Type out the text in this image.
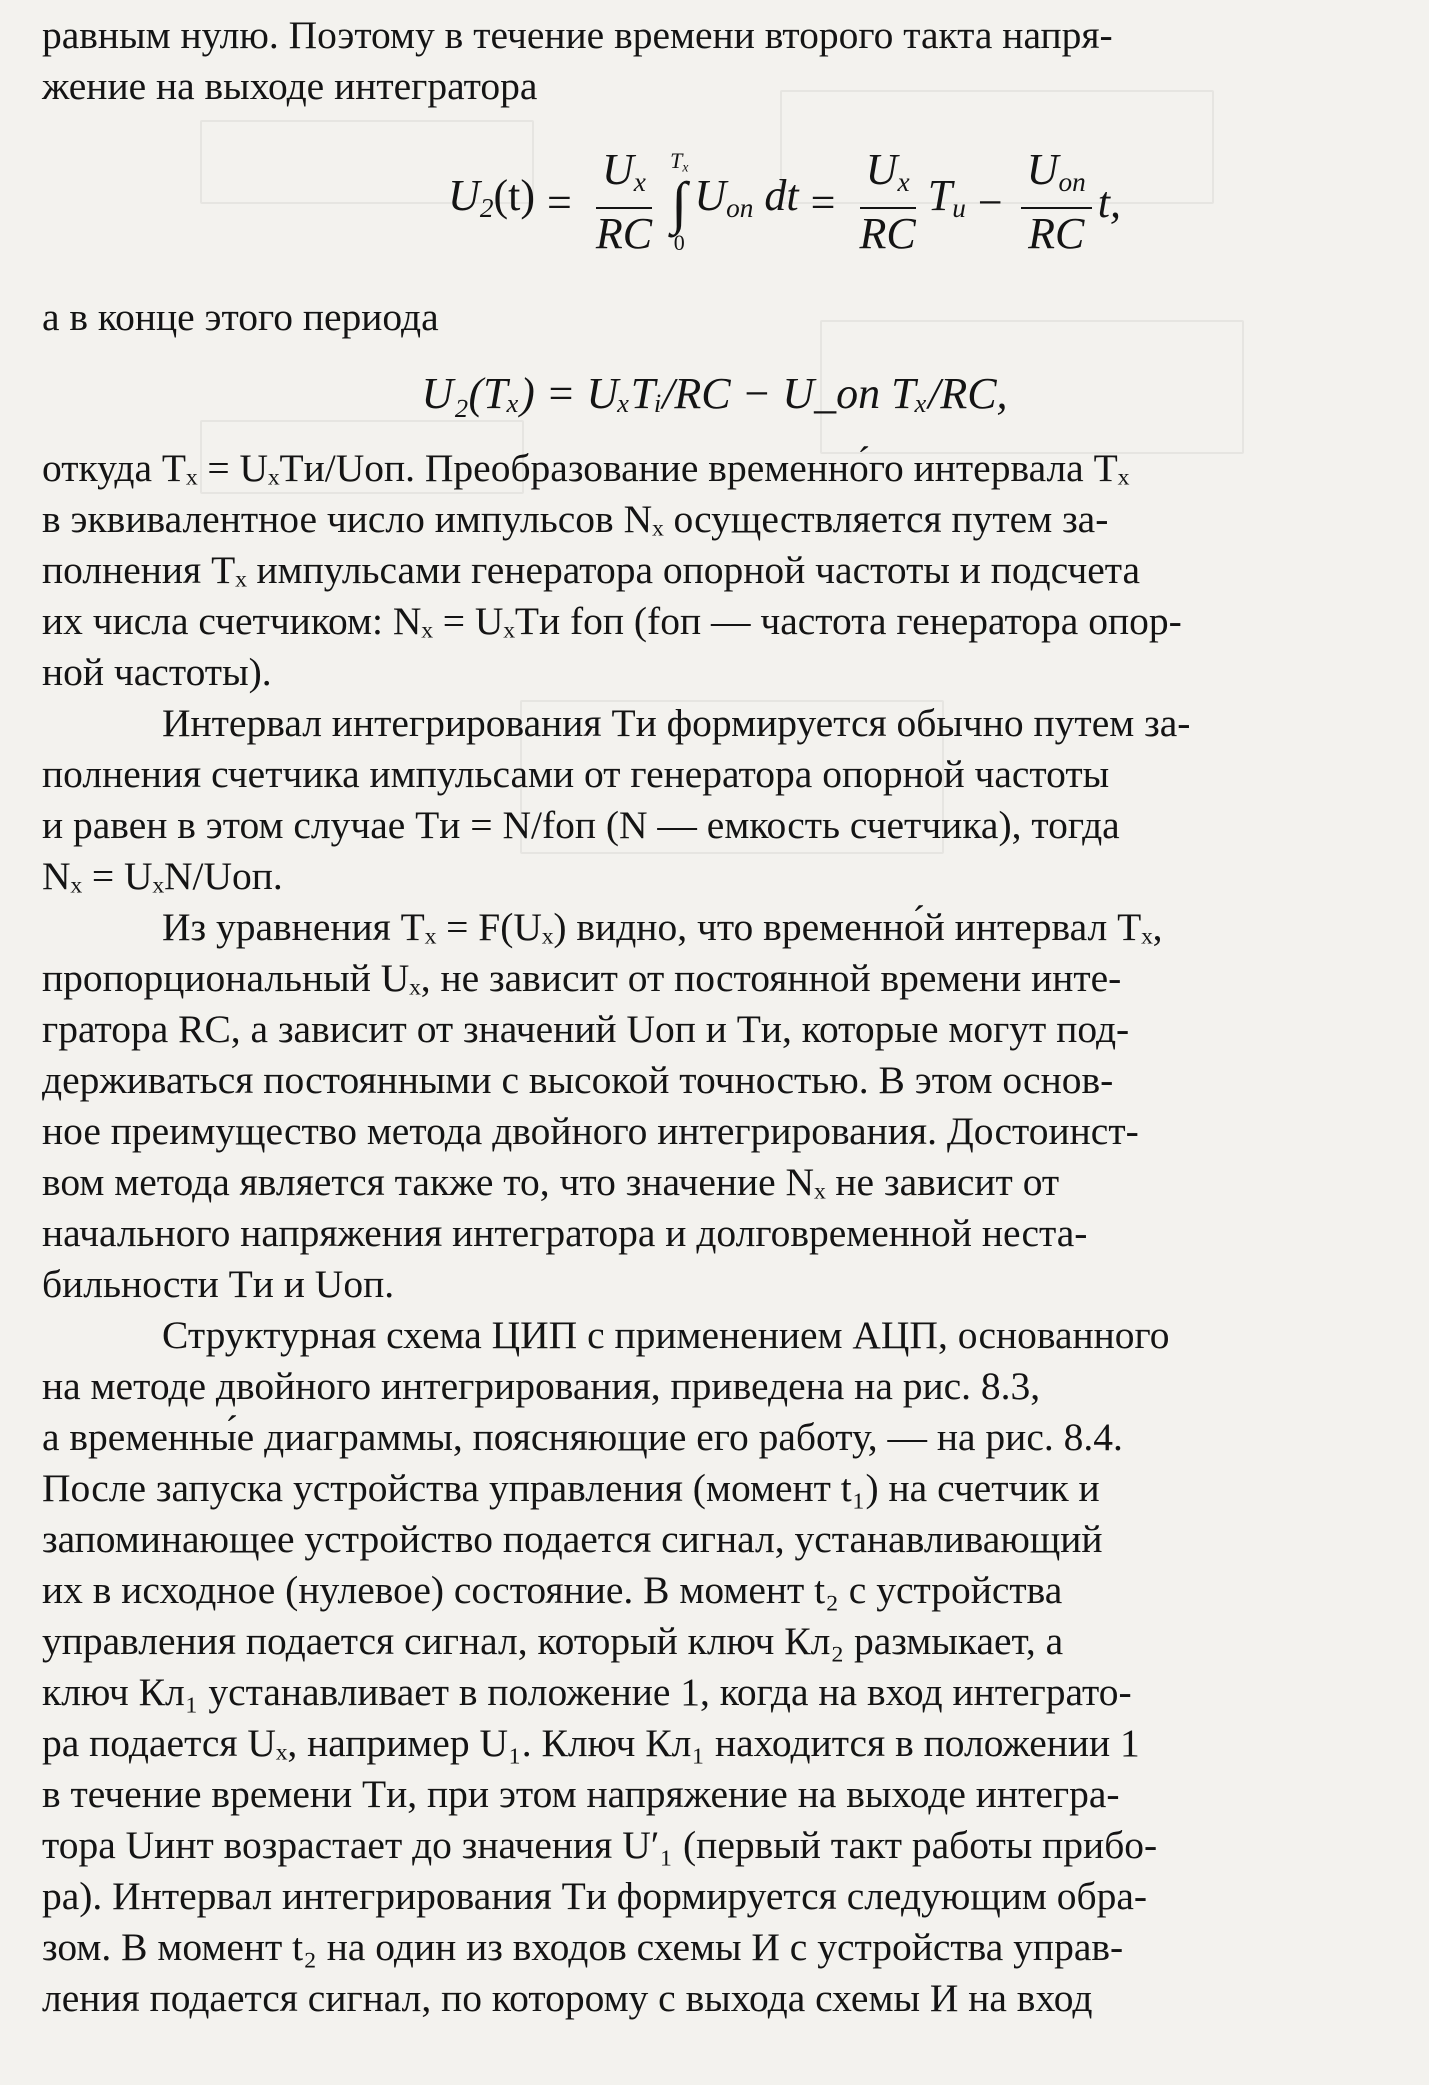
равным нулю. Поэтому в течение времени второго такта напря-

жение на выходе интегратора

$U_2(t) = \frac{U_x}{RC} T_x$
∫
0
$U_{оп}$ dt = $\frac{U_x}{RC} T_и - \frac{U_{оп}}{RC} t$,

а в конце этого периода

U₂(Tₓ) = UₓTᵢ/RC − U_оп Tₓ/RC,

откуда Tₓ = UₓTи/Uоп. Преобразование временно́го интервала Tₓ

в эквивалентное число импульсов Nₓ осуществляется путем за-

полнения Tₓ импульсами генератора опорной частоты и подсчета

их числа счетчиком: Nₓ = UₓTи fоп (fоп — частота генератора опор-

ной частоты).

Интервал интегрирования Tи формируется обычно путем за-

полнения счетчика импульсами от генератора опорной частоты

и равен в этом случае Tи = N/fоп (N — емкость счетчика), тогда

Nₓ = UₓN/Uоп.

Из уравнения Tₓ = F(Uₓ) видно, что временно́й интервал Tₓ,

пропорциональный Uₓ, не зависит от постоянной времени инте-

гратора RC, а зависит от значений Uоп и Tи, которые могут под-

держиваться постоянными с высокой точностью. В этом основ-

ное преимущество метода двойного интегрирования. Достоинст-

вом метода является также то, что значение Nₓ не зависит от

начального напряжения интегратора и долговременной неста-

бильности Tи и Uоп.

Структурная схема ЦИП с применением АЦП, основанного

на методе двойного интегрирования, приведена на рис. 8.3,

а временны́е диаграммы, поясняющие его работу, — на рис. 8.4.

После запуска устройства управления (момент t₁) на счетчик и

запоминающее устройство подается сигнал, устанавливающий

их в исходное (нулевое) состояние. В момент t₂ с устройства

управления подается сигнал, который ключ Кл₂ размыкает, а

ключ Кл₁ устанавливает в положение 1, когда на вход интеграто-

ра подается Uₓ, например U₁. Ключ Кл₁ находится в положении 1

в течение времени Tи, при этом напряжение на выходе интегра-

тора Uинт возрастает до значения U′₁ (первый такт работы прибо-

ра). Интервал интегрирования Tи формируется следующим обра-

зом. В момент t₂ на один из входов схемы И с устройства управ-

ления подается сигнал, по которому с выхода схемы И на вход
